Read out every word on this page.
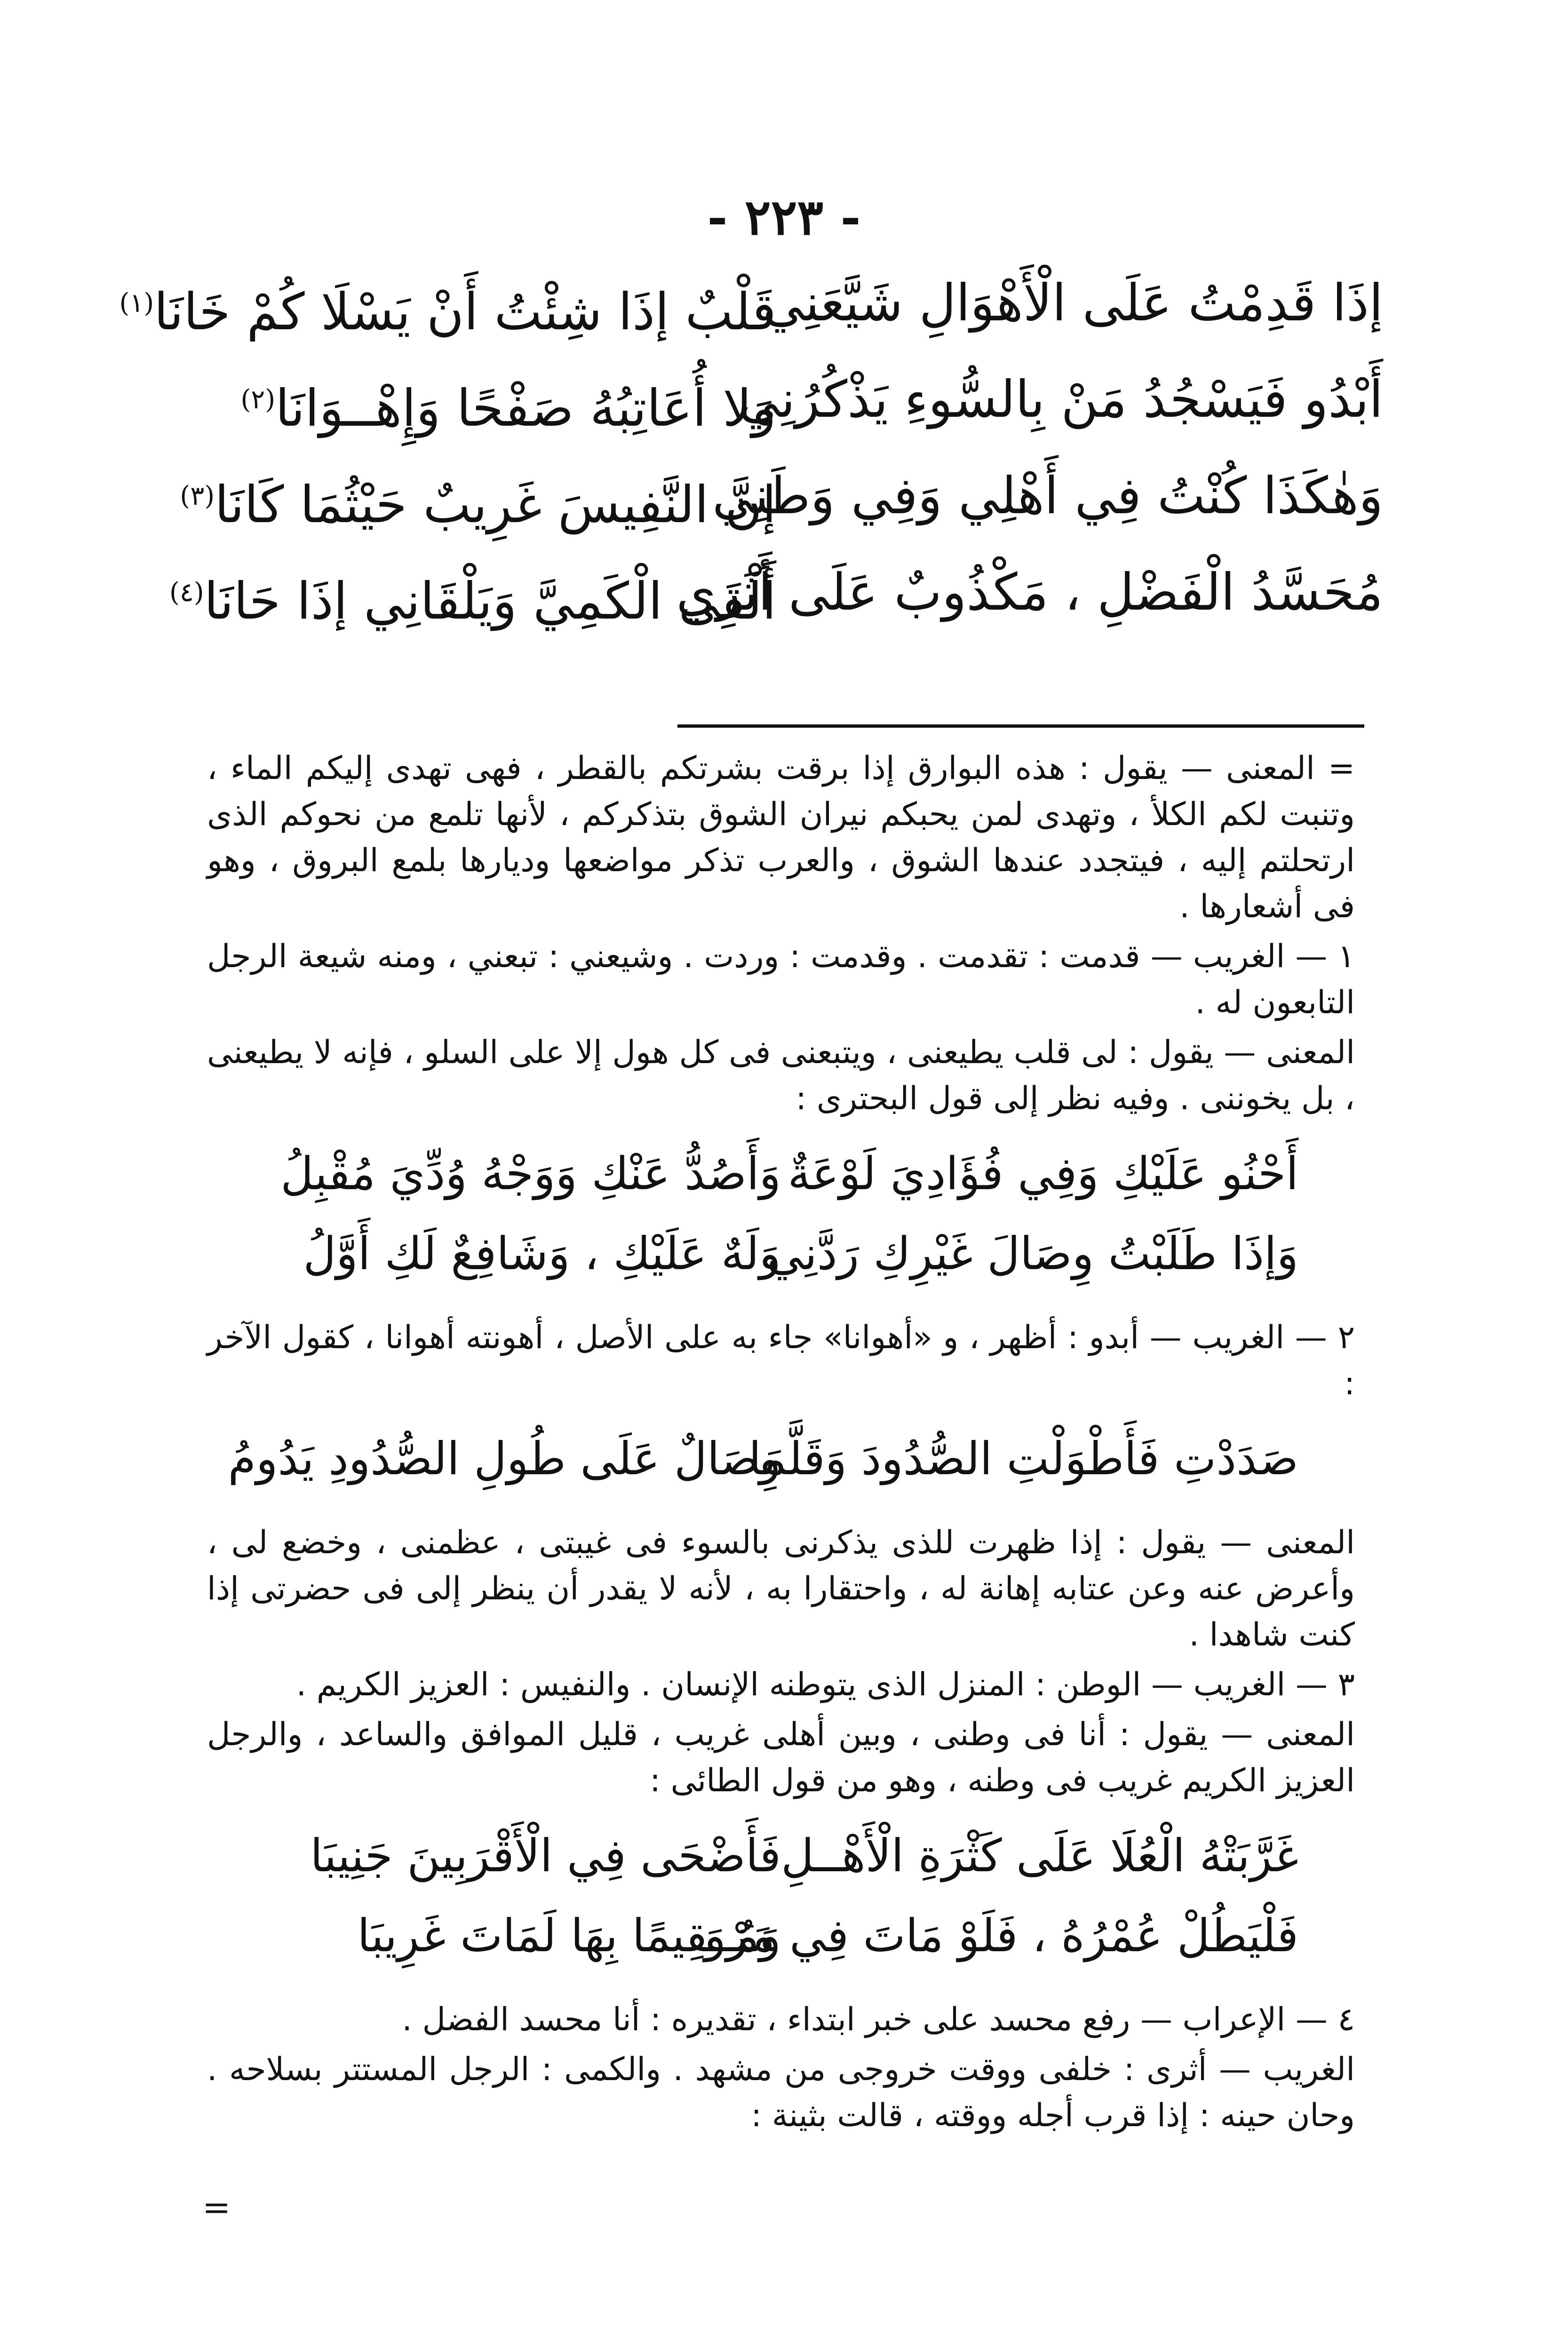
- ٢٢٣ -
إذَا قَدِمْتُ عَلَى الْأَهْوَالِ شَيَّعَنِي
قَلْبٌ إذَا شِئْتُ أَنْ يَسْلَا كُمْ خَانَا$^{(١)}$
أَبْدُو فَيَسْجُدُ مَنْ بِالسُّوءِ يَذْكُرُنِي
وَلا أُعَاتِبُهُ صَفْحًا وَإِهْــوَانَا$^{(٢)}$
وَهٰكَذَا كُنْتُ فِي أَهْلِي وَفِي وَطَنِي
إنَّ النَّفِيسَ غَرِيبٌ حَيْثُمَا كَانَا$^{(٣)}$
مُحَسَّدُ الْفَضْلِ ، مَكْذُوبٌ عَلَى أَثَرِي
أَلْقَى الْكَمِيَّ وَيَلْقَانِي إذَا حَانَا$^{(٤)}$

= المعنى — يقول : هذه البوارق إذا برقت بشرتكم بالقطر ، فهى تهدى إليكم الماء ، وتنبت لكم الكلأ ، وتهدى لمن يحبكم نيران الشوق بتذكركم ، لأنها تلمع من نحوكم الذى ارتحلتم إليه ، فيتجدد عندها الشوق ، والعرب تذكر مواضعها وديارها بلمع البروق ، وهو فى أشعارها .

١ — الغريب — قدمت : تقدمت . وقدمت : وردت . وشيعني : تبعني ، ومنه شيعة الرجل التابعون له .

المعنى — يقول : لى قلب يطيعنى ، ويتبعنى فى كل هول إلا على السلو ، فإنه لا يطيعنى ، بل يخوننى . وفيه نظر إلى قول البحترى :

أَحْنُو عَلَيْكِ وَفِي فُؤَادِيَ لَوْعَةٌ
وَأَصُدُّ عَنْكِ وَوَجْهُ وُدِّيَ مُقْبِلُ
وَإذَا طَلَبْتُ وِصَالَ غَيْرِكِ رَدَّنِي
وَلَهٌ عَلَيْكِ ، وَشَافِعٌ لَكِ أَوَّلُ

٢ — الغريب — أبدو : أظهر ، و «أهوانا» جاء به على الأصل ، أهونته أهوانا ، كقول الآخر :

صَدَدْتِ فَأَطْوَلْتِ الصُّدُودَ وَقَلَّمَا
وِصَالٌ عَلَى طُولِ الصُّدُودِ يَدُومُ

المعنى — يقول : إذا ظهرت للذى يذكرنى بالسوء فى غيبتى ، عظمنى ، وخضع لى ، وأعرض عنه وعن عتابه إهانة له ، واحتقارا به ، لأنه لا يقدر أن ينظر إلى فى حضرتى إذا كنت شاهدا .

٣ — الغريب — الوطن : المنزل الذى يتوطنه الإنسان . والنفيس : العزيز الكريم .

المعنى — يقول : أنا فى وطنى ، وبين أهلى غريب ، قليل الموافق والساعد ، والرجل العزيز الكريم غريب فى وطنه ، وهو من قول الطائى :

غَرَّبَتْهُ الْعُلَا عَلَى كَثْرَةِ الْأَهْــلِ
فَأَضْحَى فِي الْأَقْرَبِينَ جَنِيبَا
فَلْيَطُلْ عُمْرُهُ ، فَلَوْ مَاتَ فِي مَرْوَ
وَمُــقِيمًا بِهَا لَمَاتَ غَرِيبَا

٤ — الإعراب — رفع محسد على خبر ابتداء ، تقديره : أنا محسد الفضل .

الغريب — أثرى : خلفى ووقت خروجى من مشهد . والكمى : الرجل المستتر بسلاحه . وحان حينه : إذا قرب أجله ووقته ، قالت بثينة :

=
